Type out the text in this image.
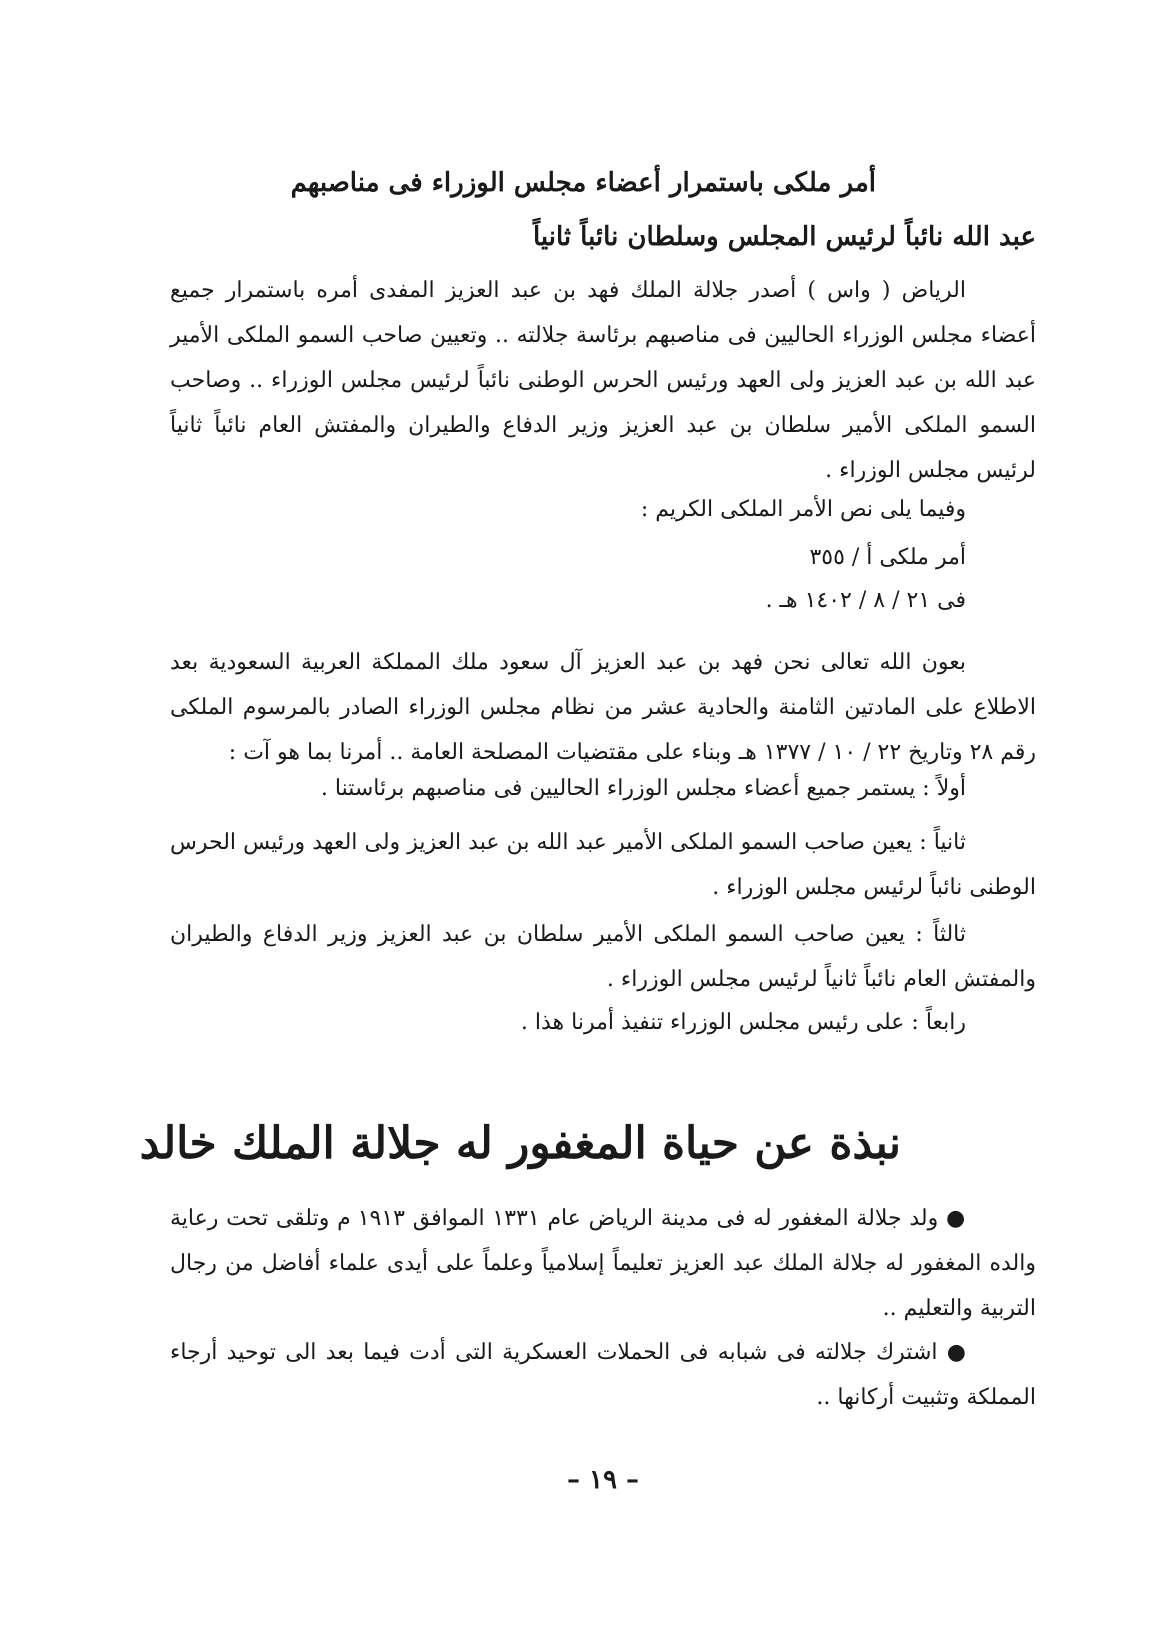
أمر ملكى باستمرار أعضاء مجلس الوزراء فى مناصبهم
عبد الله نائباً لرئيس المجلس وسلطان نائباً ثانياً

الرياض ( واس ) أصدر جلالة الملك فهد بن عبد العزيز المفدى أمره باستمرار جميع أعضاء مجلس الوزراء الحاليين فى مناصبهم برئاسة جلالته .. وتعيين صاحب السمو الملكى الأمير عبد الله بن عبد العزيز ولى العهد ورئيس الحرس الوطنى نائباً لرئيس مجلس الوزراء .. وصاحب السمو الملكى الأمير سلطان بن عبد العزيز وزير الدفاع والطيران والمفتش العام نائباً ثانياً لرئيس مجلس الوزراء .

وفيما يلى نص الأمر الملكى الكريم :
أمر ملكى أ / ٣٥٥
فى ٢١ / ٨ / ١٤٠٢ هـ .

بعون الله تعالى نحن فهد بن عبد العزيز آل سعود ملك المملكة العربية السعودية بعد الاطلاع على المادتين الثامنة والحادية عشر من نظام مجلس الوزراء الصادر بالمرسوم الملكى رقم ٢٨ وتاريخ ٢٢ / ١٠ / ١٣٧٧ هـ وبناء على مقتضيات المصلحة العامة .. أمرنا بما هو آت :

أولاً : يستمر جميع أعضاء مجلس الوزراء الحاليين فى مناصبهم برئاستنا .

ثانياً : يعين صاحب السمو الملكى الأمير عبد الله بن عبد العزيز ولى العهد ورئيس الحرس الوطنى نائباً لرئيس مجلس الوزراء .

ثالثاً : يعين صاحب السمو الملكى الأمير سلطان بن عبد العزيز وزير الدفاع والطيران والمفتش العام نائباً ثانياً لرئيس مجلس الوزراء .

رابعاً : على رئيس مجلس الوزراء تنفيذ أمرنا هذا .

نبذة عن حياة المغفور له جلالة الملك خالد

● ولد جلالة المغفور له فى مدينة الرياض عام ١٣٣١ الموافق ١٩١٣ م وتلقى تحت رعاية والده المغفور له جلالة الملك عبد العزيز تعليماً إسلامياً وعلماً على أيدى علماء أفاضل من رجال التربية والتعليم ..

● اشترك جلالته فى شبابه فى الحملات العسكرية التى أدت فيما بعد الى توحيد أرجاء المملكة وتثبيت أركانها ..

– ١٩ –
